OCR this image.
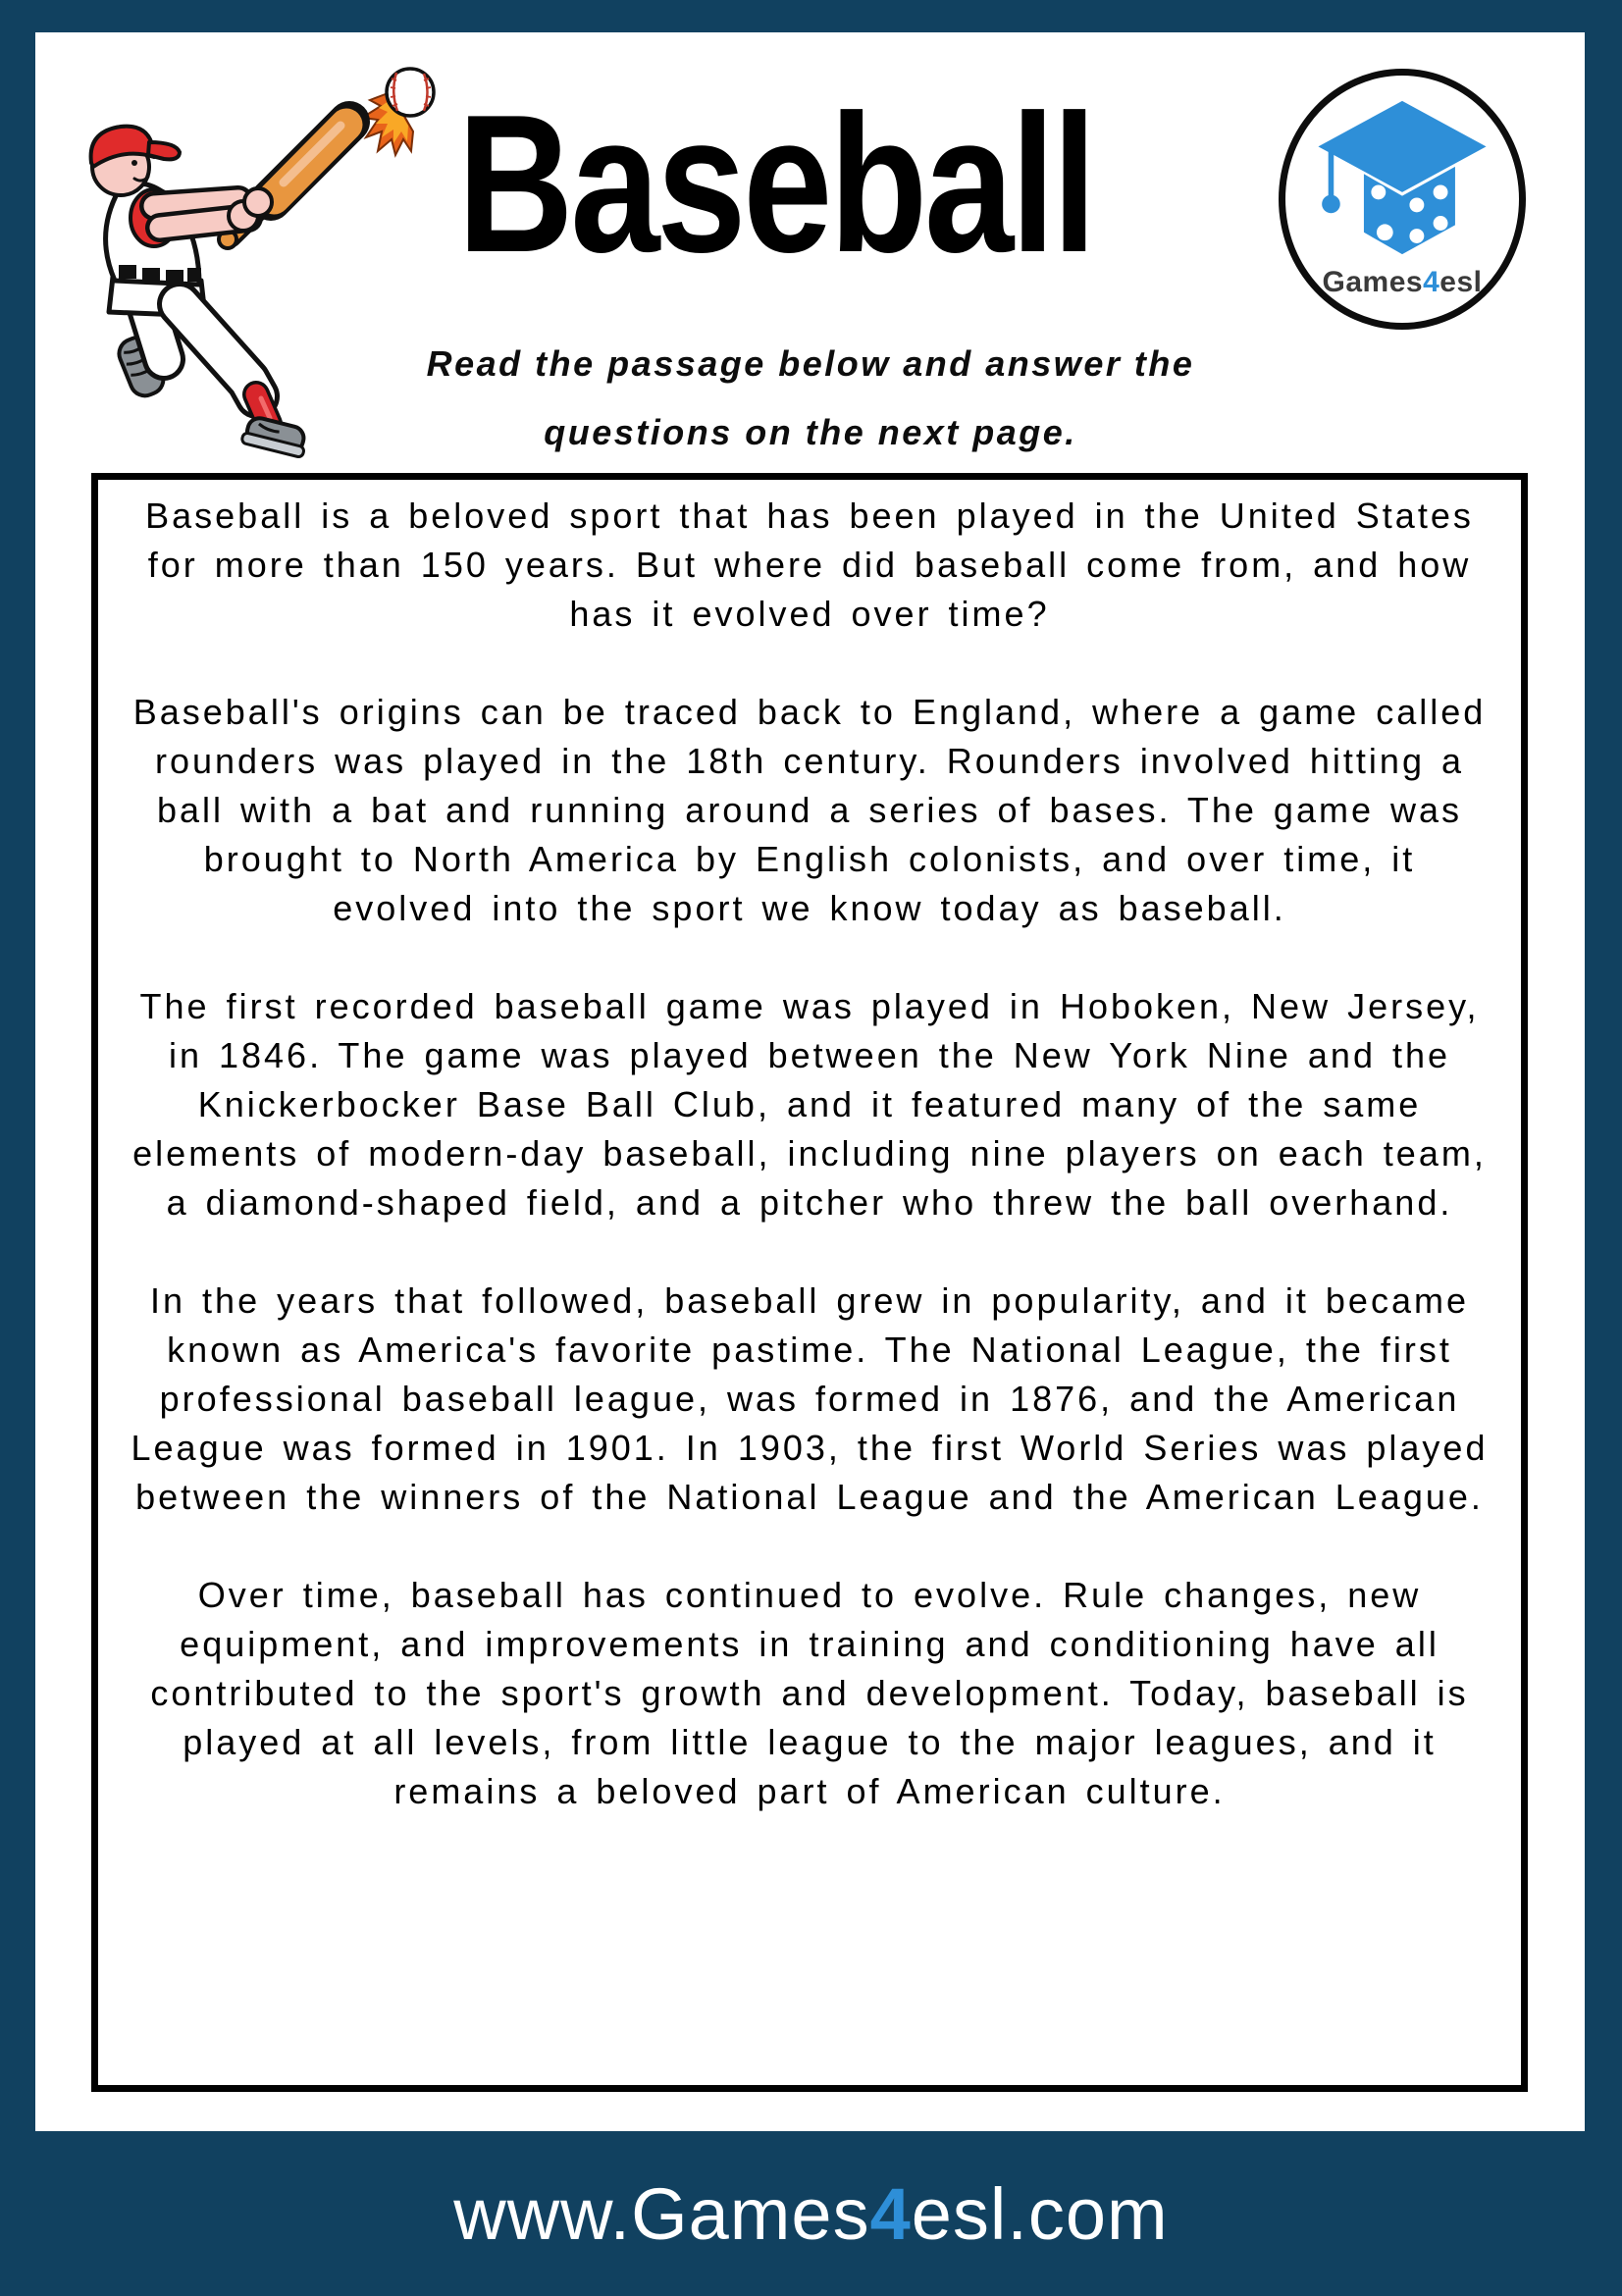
Baseball	Games4esl
Read the passage below and answer the
questions on the next page.

Baseball is a beloved sport that has been played in the United States for more than 150 years. But where did baseball come from, and how has it evolved over time?

Baseball's origins can be traced back to England, where a game called rounders was played in the 18th century. Rounders involved hitting a ball with a bat and running around a series of bases. The game was brought to North America by English colonists, and over time, it evolved into the sport we know today as baseball.

The first recorded baseball game was played in Hoboken, New Jersey, in 1846. The game was played between the New York Nine and the Knickerbocker Base Ball Club, and it featured many of the same elements of modern-day baseball, including nine players on each team, a diamond-shaped field, and a pitcher who threw the ball overhand.

In the years that followed, baseball grew in popularity, and it became known as America's favorite pastime. The National League, the first professional baseball league, was formed in 1876, and the American League was formed in 1901. In 1903, the first World Series was played between the winners of the National League and the American League.

Over time, baseball has continued to evolve. Rule changes, new equipment, and improvements in training and conditioning have all contributed to the sport's growth and development. Today, baseball is played at all levels, from little league to the major leagues, and it remains a beloved part of American culture.

www.Games4esl.com
